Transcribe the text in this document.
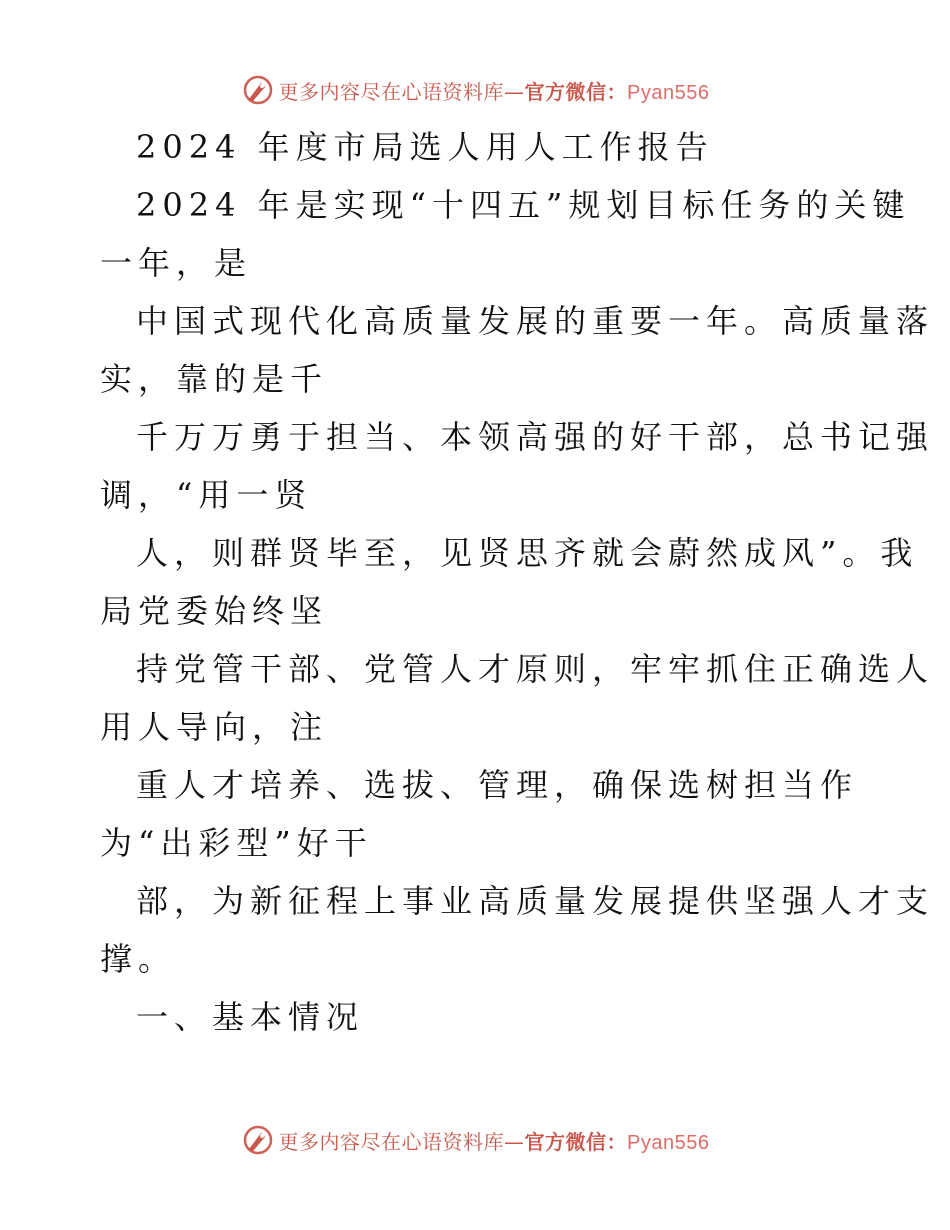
更多内容尽在心语资料库—官方微信：Pyan556
2024 年度市局选人用人工作报告
2024 年是实现“十四五”规划目标任务的关键
一年，是
中国式现代化高质量发展的重要一年。高质量落
实，靠的是千
千万万勇于担当、本领高强的好干部，总书记强
调，“用一贤
人，则群贤毕至，见贤思齐就会蔚然成风”。我
局党委始终坚
持党管干部、党管人才原则，牢牢抓住正确选人
用人导向，注
重人才培养、选拔、管理，确保选树担当作
为“出彩型”好干
部，为新征程上事业高质量发展提供坚强人才支
撑。
一、基本情况
更多内容尽在心语资料库—官方微信：Pyan556
